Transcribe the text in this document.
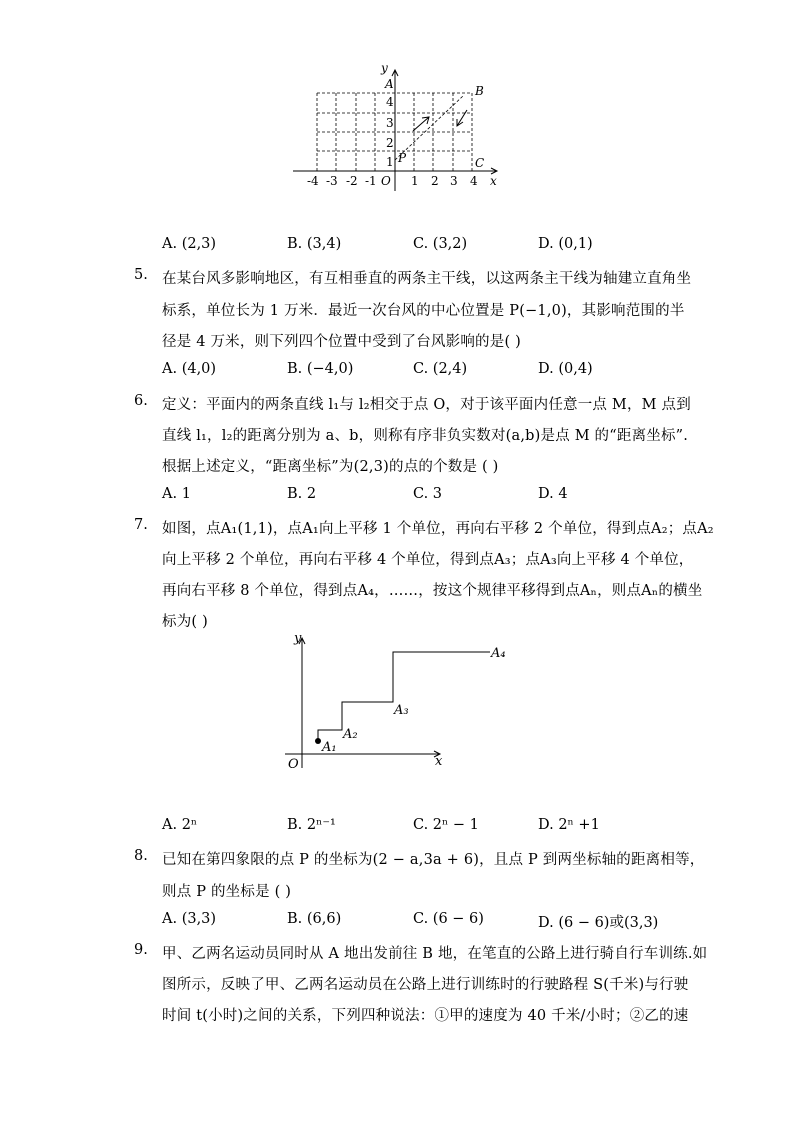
y
x
A	B
C
P
O
-4 -3 -2 -1	1 2 3 4
1
2
3
4
A. (2,3)	B. (3,4)	C. (3,2)	D. (0,1)
5. 在某台风多影响地区，有互相垂直的两条主干线，以这两条主干线为轴建立直角坐
标系，单位长为 1 万米．最近一次台风的中心位置是 P(−1,0)，其影响范围的半
径是 4 万米，则下列四个位置中受到了台风影响的是( )
A. (4,0)	B. (−4,0)	C. (2,4)	D. (0,4)
6. 定义：平面内的两条直线 l₁与 l₂相交于点 O，对于该平面内任意一点 M，M 点到
直线 l₁，l₂的距离分别为 a、b，则称有序非负实数对(a,b)是点 M 的“距离坐标”.
根据上述定义，“距离坐标”为(2,3)的点的个数是 ( )
A. 1	B. 2	C. 3	D. 4
7. 如图，点A₁(1,1)，点A₁向上平移 1 个单位，再向右平移 2 个单位，得到点A₂；点A₂
向上平移 2 个单位，再向右平移 4 个单位，得到点A₃；点A₃向上平移 4 个单位，
再向右平移 8 个单位，得到点A₄，……，按这个规律平移得到点Aₙ，则点Aₙ的横坐
标为( )
y
x
O
A₁
A₂
A₃
A₄
A. 2ⁿ	B. 2ⁿ⁻¹	C. 2ⁿ − 1	D. 2ⁿ +1
8. 已知在第四象限的点 P 的坐标为(2 − a,3a + 6)，且点 P 到两坐标轴的距离相等，
则点 P 的坐标是 ( )
A. (3,3)	B. (6,6)	C. (6 − 6)	D. (6 − 6)或(3,3)
9. 甲、乙两名运动员同时从 A 地出发前往 B 地，在笔直的公路上进行骑自行车训练.如
图所示，反映了甲、乙两名运动员在公路上进行训练时的行驶路程 S(千米)与行驶
时间 t(小时)之间的关系，下列四种说法：①甲的速度为 40 千米/小时；②乙的速
